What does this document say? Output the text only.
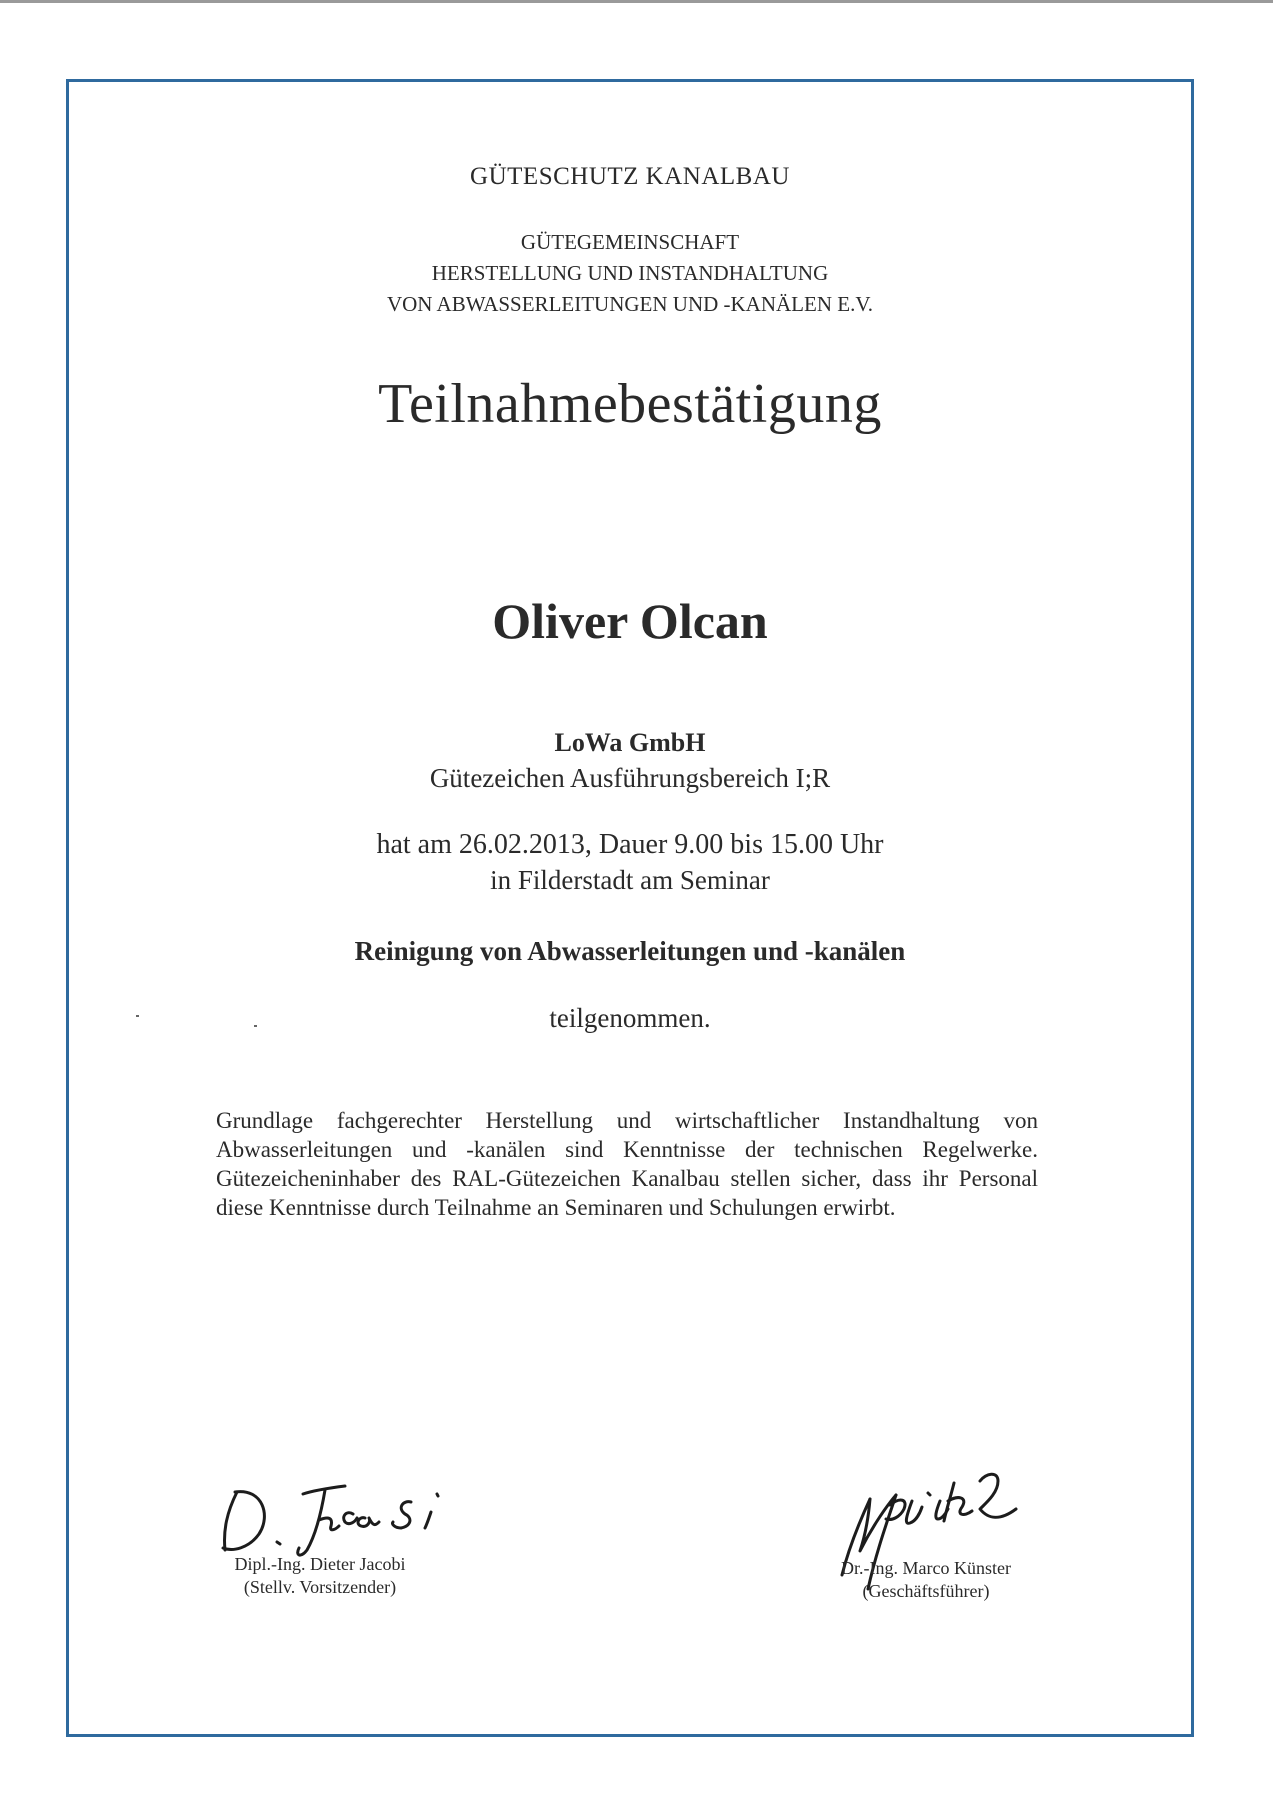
GÜTESCHUTZ KANALBAU
GÜTEGEMEINSCHAFT
HERSTELLUNG UND INSTANDHALTUNG
VON ABWASSERLEITUNGEN UND -KANÄLEN E.V.
Teilnahmebestätigung
Oliver Olcan
LoWa GmbH
Gütezeichen Ausführungsbereich I;R
hat am 26.02.2013, Dauer 9.00 bis 15.00 Uhr
in Filderstadt am Seminar
Reinigung von Abwasserleitungen und -kanälen
teilgenommen.
Grundlage fachgerechter Herstellung und wirtschaftlicher Instandhaltung von Abwasserleitungen und -kanälen sind Kenntnisse der technischen Regelwerke. Gütezeicheninhaber des RAL-Gütezeichen Kanalbau stellen sicher, dass ihr Personal diese Kenntnisse durch Teilnahme an Seminaren und Schulungen erwirbt.
Dipl.-Ing. Dieter Jacobi
(Stellv. Vorsitzender)
Dr.-Ing. Marco Künster
(Geschäftsführer)
